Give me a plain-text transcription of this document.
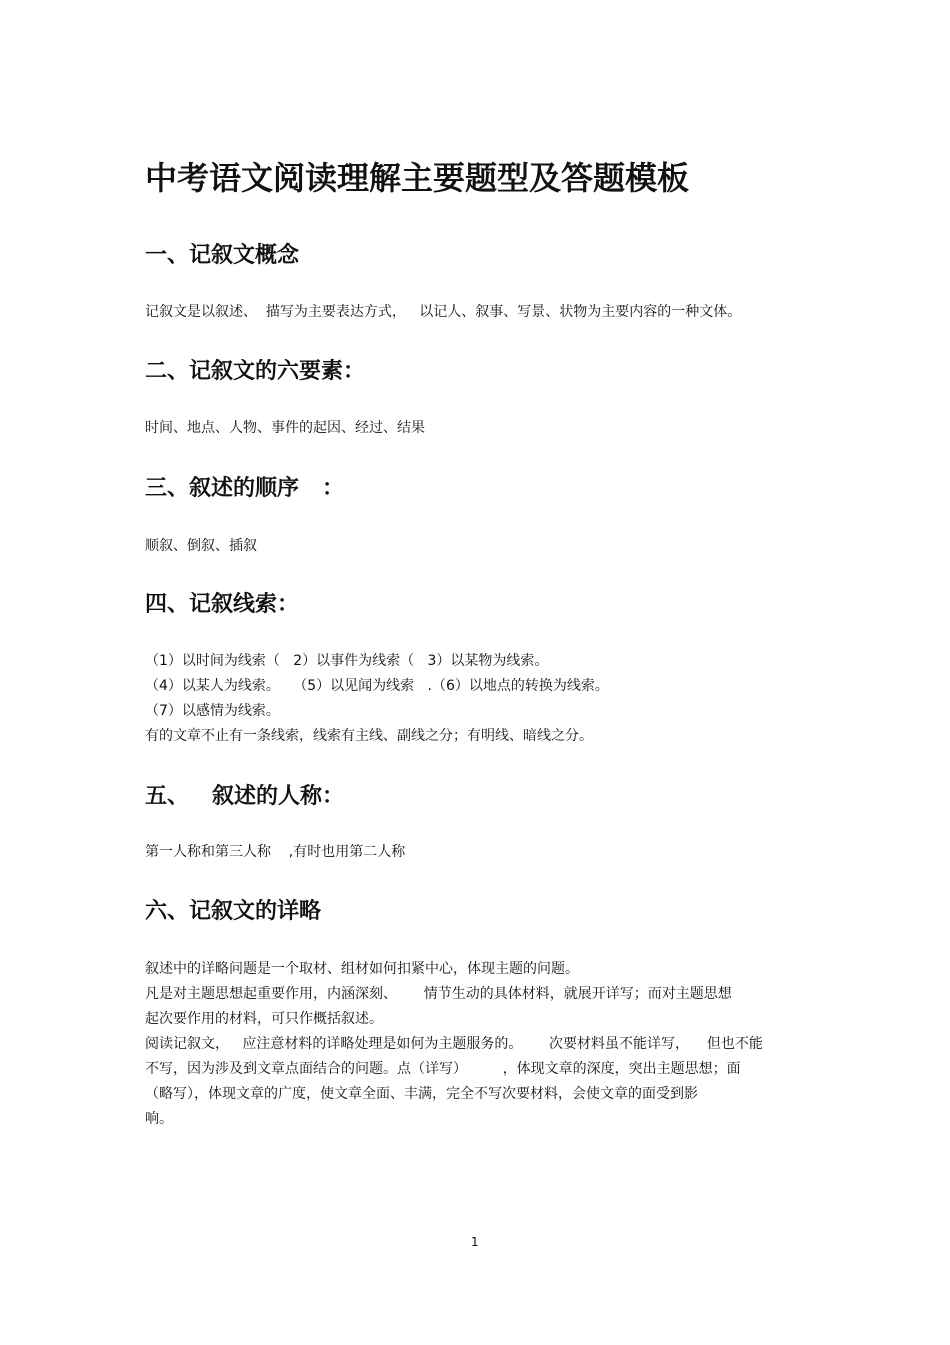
中考语文阅读理解主要题型及答题模板
一、记叙文概念

记叙文是以叙述、  描写为主要表达方式，   以记人、叙事、写景、状物为主要内容的一种文体。

二、记叙文的六要素：

时间、地点、人物、事件的起因、经过、结果

三、叙述的顺序   ：

顺叙、倒叙、插叙

四、记叙线索：

（1）以时间为线索（   2）以事件为线索（   3）以某物为线索。

（4）以某人为线索。   （5）以见闻为线索   .（6）以地点的转换为线索。

（7）以感情为线索。

有的文章不止有一条线索，线索有主线、副线之分；有明线、暗线之分。

五、   叙述的人称：

第一人称和第三人称    ,有时也用第二人称

六、记叙文的详略

叙述中的详略问题是一个取材、组材如何扣紧中心，体现主题的问题。

凡是对主题思想起重要作用，内涵深刻、      情节生动的具体材料，就展开详写；而对主题思想

起次要作用的材料，可只作概括叙述。

阅读记叙文，   应注意材料的详略处理是如何为主题服务的。      次要材料虽不能详写，    但也不能

不写，因为涉及到文章点面结合的问题。点（详写）        ，体现文章的深度，突出主题思想；面

（略写），体现文章的广度，使文章全面、丰满，完全不写次要材料，会使文章的面受到影

响。

1
